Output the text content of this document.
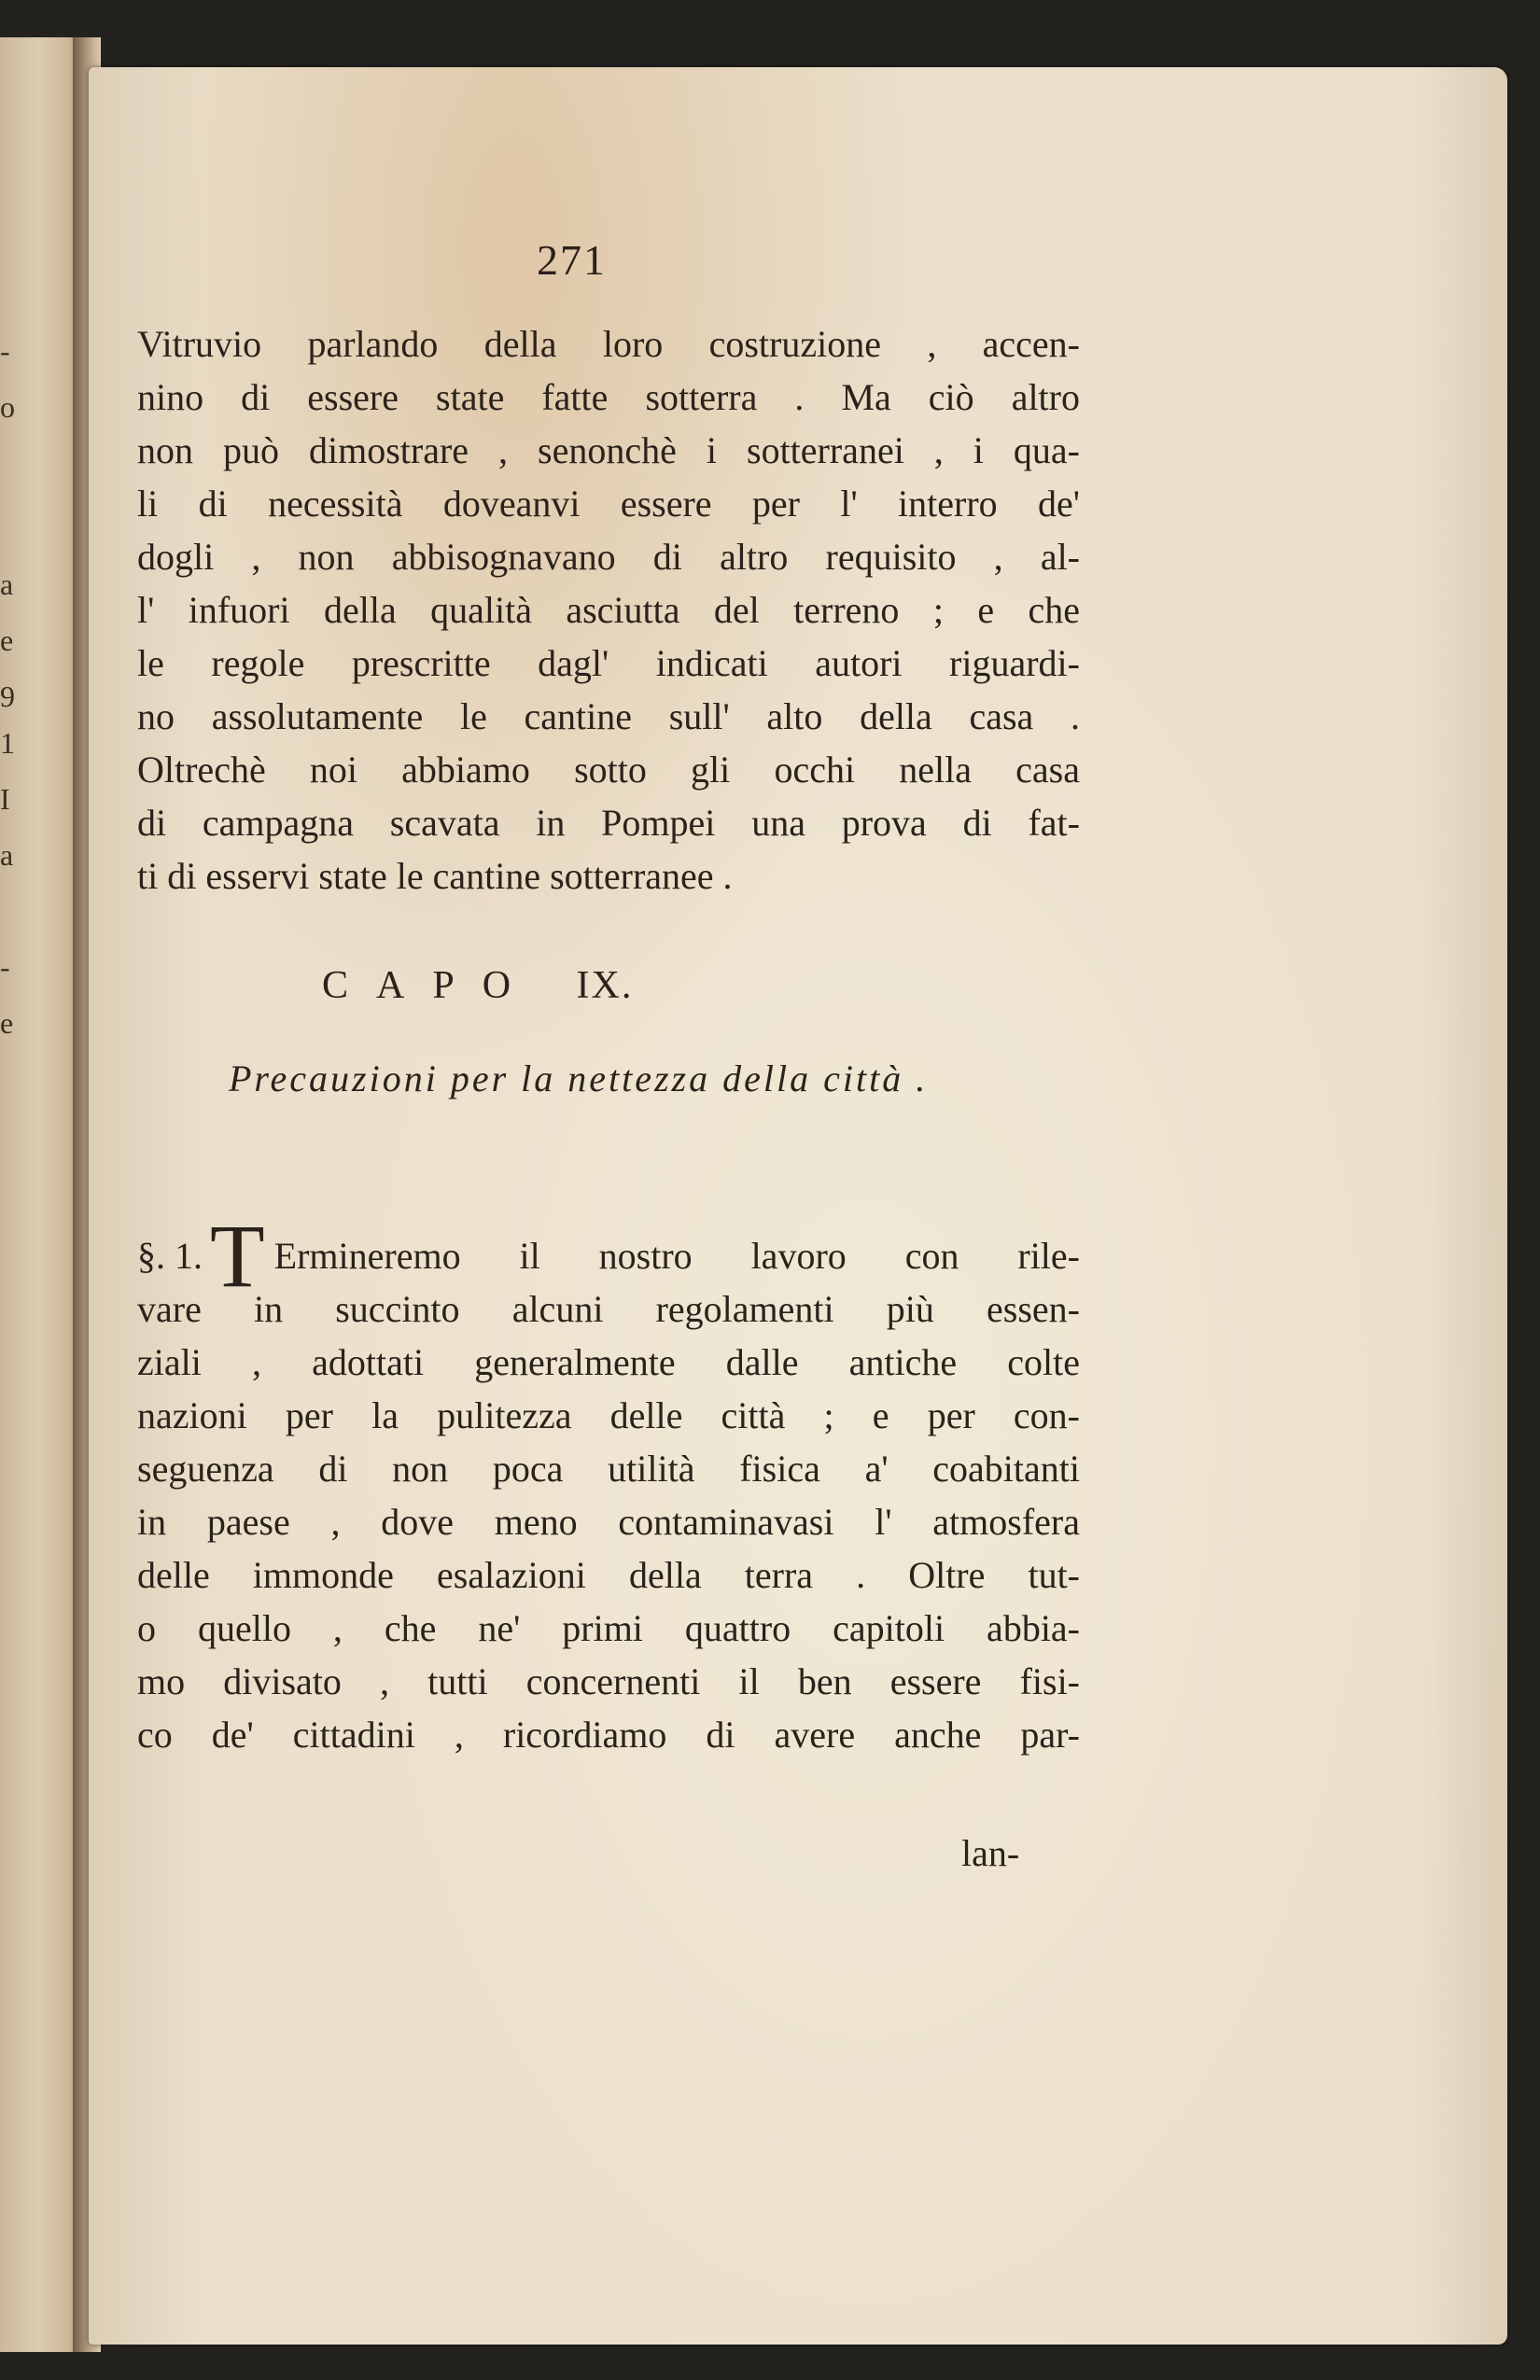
-
o
a
e
9
1
I
a
-
e
271
Vitruvio parlando della loro costruzione , accen-
nino di essere state fatte sotterra . Ma ciò altro
non può dimostrare , senonchè i sotterranei , i qua-
li di necessità doveanvi essere per l' interro de'
dogli , non abbisognavano di altro requisito , al-
l' infuori della qualità asciutta del terreno ; e che
le regole prescritte dagl' indicati autori riguardi-
no assolutamente le cantine sull' alto della casa .
Oltrechè noi abbiamo sotto gli occhi nella casa
di campagna scavata in Pompei una prova di fat-
ti di esservi state le cantine sotterranee .
CAPO IX.
Precauzioni per la nettezza della città .
§. 1.T Ermineremo il nostro lavoro con rile-
vare in succinto alcuni regolamenti più essen-
ziali , adottati generalmente dalle antiche colte
nazioni per la pulitezza delle città ; e per con-
seguenza di non poca utilità fisica a' coabitanti
in paese , dove meno contaminavasi l' atmosfera
delle immonde esalazioni della terra . Oltre tut-
o quello , che ne' primi quattro capitoli abbia-
mo divisato , tutti concernenti il ben essere fisi-
co de' cittadini , ricordiamo di avere anche par-
lan-
